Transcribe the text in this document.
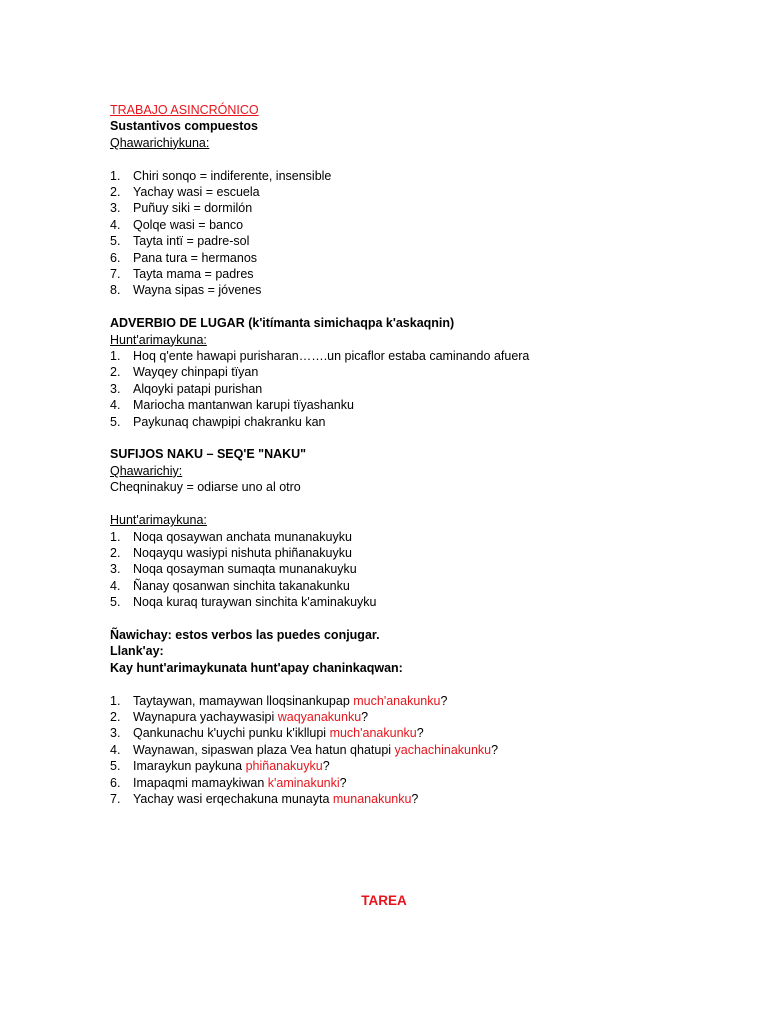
TRABAJO ASINCRÓNICO
Sustantivos compuestos
Qhawarichiykuna:
1.	Chiri sonqo = indiferente, insensible
2.	Yachay wasi = escuela
3.	Puñuy siki = dormilón
4.	Qolqe wasi = banco
5.	Tayta intï = padre-sol
6.	Pana tura = hermanos
7.	Tayta mama = padres
8.	Wayna sipas = jóvenes
ADVERBIO DE LUGAR (k'itímanta simichaqpa k'askaqnin)
Hunt'arimaykuna:
1.	Hoq q'ente hawapi purisharan…….un picaflor estaba caminando afuera
2.	Wayqey chinpapi tïyan
3.	Alqoyki patapi purishan
4.	Mariocha mantanwan karupi tïyashanku
5.	Paykunaq chawpipi chakranku kan
SUFIJOS NAKU – SEQ'E "NAKU"
Qhawarichiy:
Cheqninakuy = odiarse uno al otro
Hunt'arimaykuna:
1.	Noqa qosaywan anchata munanakuyku
2.	Noqayqu wasiypi nishuta phiñanakuyku
3.	Noqa qosayman sumaqta munanakuyku
4.	Ñanay qosanwan sinchita takanakunku
5.	Noqa kuraq turaywan sinchita k'aminakuyku
Ñawichay: estos verbos las puedes conjugar.
Llank'ay:
Kay hunt'arimaykunata hunt'apay chaninkaqwan:
1.	Taytaywan, mamaywan lloqsinankupap much'anakunku?
2.	Waynapura yachaywasipi waqyanakunku?
3.	Qankunachu k'uychi punku k'ikllupi much'anakunku?
4.	Waynawan, sipaswan plaza Vea hatun qhatupi yachachinakunku?
5.	Imaraykun paykuna phiñanakuyku?
6.	Imapaqmi mamaykiwan k'aminakunki?
7.	Yachay wasi erqechakuna munayta munanakunku?
TAREA
